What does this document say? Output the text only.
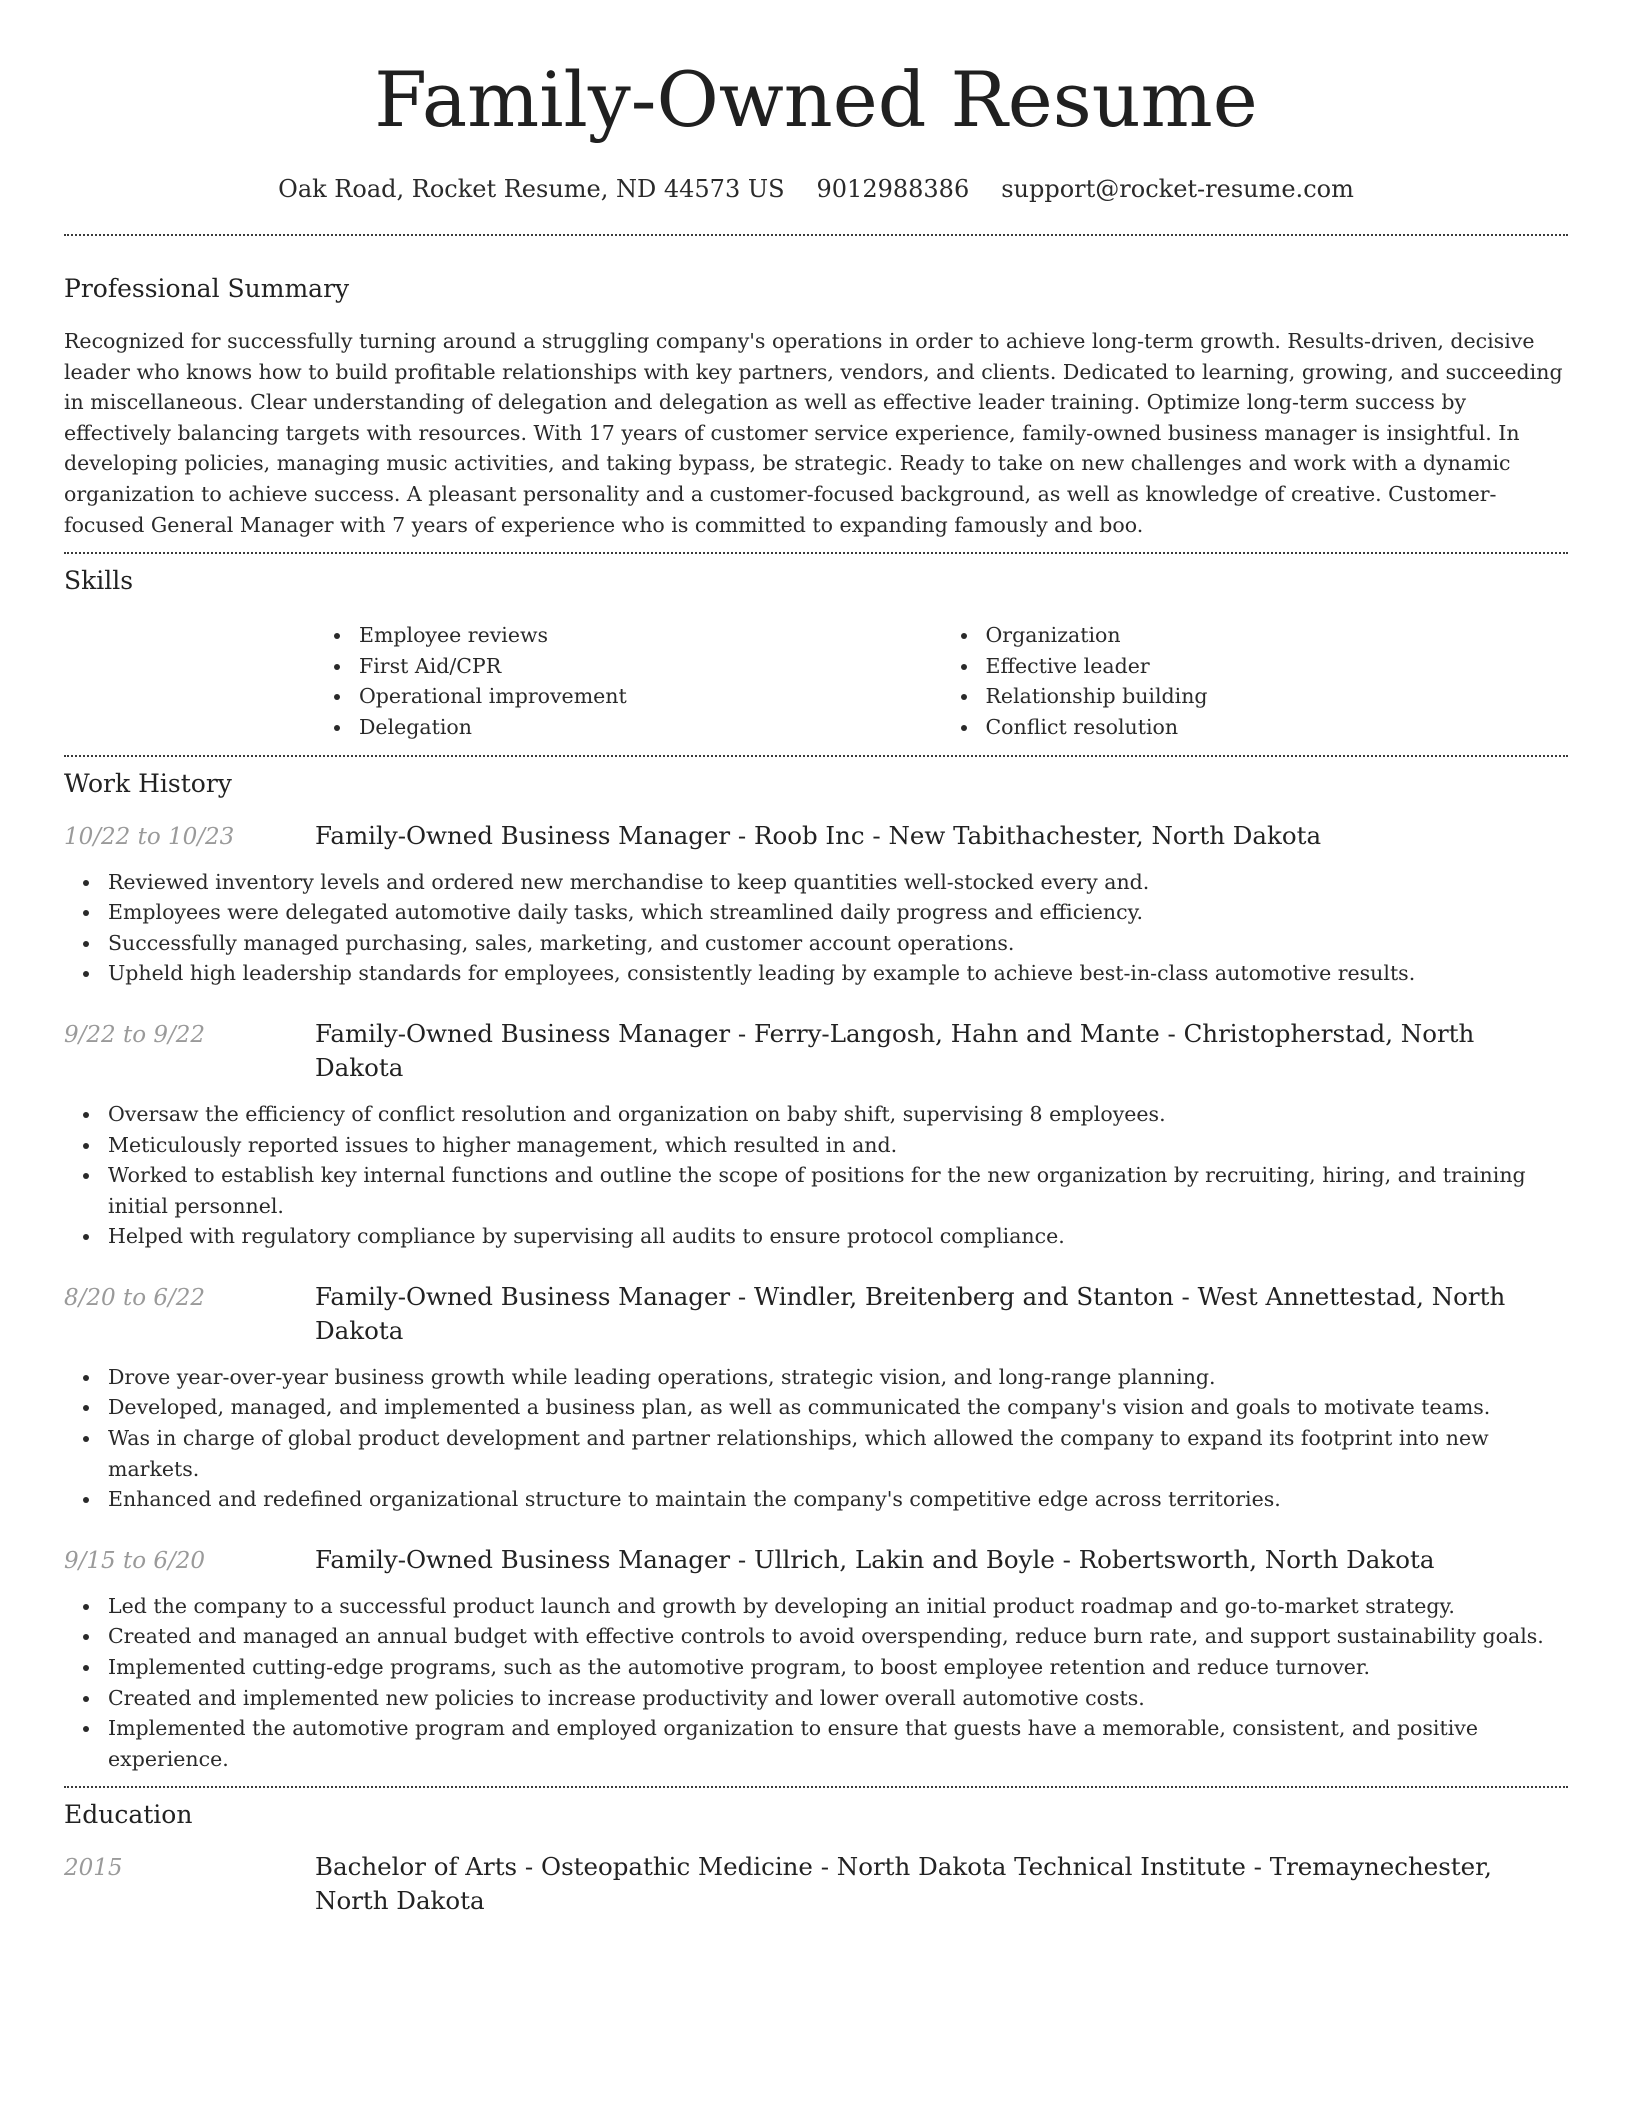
Family-Owned Resume
Oak Road, Rocket Resume, ND 44573 US 9012988386 support@rocket-resume.com
Professional Summary

Recognized for successfully turning around a struggling company's operations in order to achieve long-term growth. Results-driven, decisive leader who knows how to build profitable relationships with key partners, vendors, and clients. Dedicated to learning, growing, and succeeding in miscellaneous. Clear understanding of delegation and delegation as well as effective leader training. Optimize long-term success by effectively balancing targets with resources. With 17 years of customer service experience, family-owned business manager is insightful. In developing policies, managing music activities, and taking bypass, be strategic. Ready to take on new challenges and work with a dynamic organization to achieve success. A pleasant personality and a customer-focused background, as well as knowledge of creative. Customer-focused General Manager with 7 years of experience who is committed to expanding famously and boo.

Skills
Employee reviews
First Aid/CPR
Operational improvement
Delegation
Organization
Effective leader
Relationship building
Conflict resolution
Work History
10/22 to 10/23	Family-Owned Business Manager - Roob Inc - New Tabithachester, North Dakota
Reviewed inventory levels and ordered new merchandise to keep quantities well-stocked every and.
Employees were delegated automotive daily tasks, which streamlined daily progress and efficiency.
Successfully managed purchasing, sales, marketing, and customer account operations.
Upheld high leadership standards for employees, consistently leading by example to achieve best-in-class automotive results.
9/22 to 9/22	Family-Owned Business Manager - Ferry-Langosh, Hahn and Mante - Christopherstad, North Dakota
Oversaw the efficiency of conflict resolution and organization on baby shift, supervising 8 employees.
Meticulously reported issues to higher management, which resulted in and.
Worked to establish key internal functions and outline the scope of positions for the new organization by recruiting, hiring, and training initial personnel.
Helped with regulatory compliance by supervising all audits to ensure protocol compliance.
8/20 to 6/22	Family-Owned Business Manager - Windler, Breitenberg and Stanton - West Annettestad, North Dakota
Drove year-over-year business growth while leading operations, strategic vision, and long-range planning.
Developed, managed, and implemented a business plan, as well as communicated the company's vision and goals to motivate teams.
Was in charge of global product development and partner relationships, which allowed the company to expand its footprint into new markets.
Enhanced and redefined organizational structure to maintain the company's competitive edge across territories.
9/15 to 6/20	Family-Owned Business Manager - Ullrich, Lakin and Boyle - Robertsworth, North Dakota
Led the company to a successful product launch and growth by developing an initial product roadmap and go-to-market strategy.
Created and managed an annual budget with effective controls to avoid overspending, reduce burn rate, and support sustainability goals.
Implemented cutting-edge programs, such as the automotive program, to boost employee retention and reduce turnover.
Created and implemented new policies to increase productivity and lower overall automotive costs.
Implemented the automotive program and employed organization to ensure that guests have a memorable, consistent, and positive experience.
Education
2015	Bachelor of Arts - Osteopathic Medicine - North Dakota Technical Institute - Tremaynechester, North Dakota
